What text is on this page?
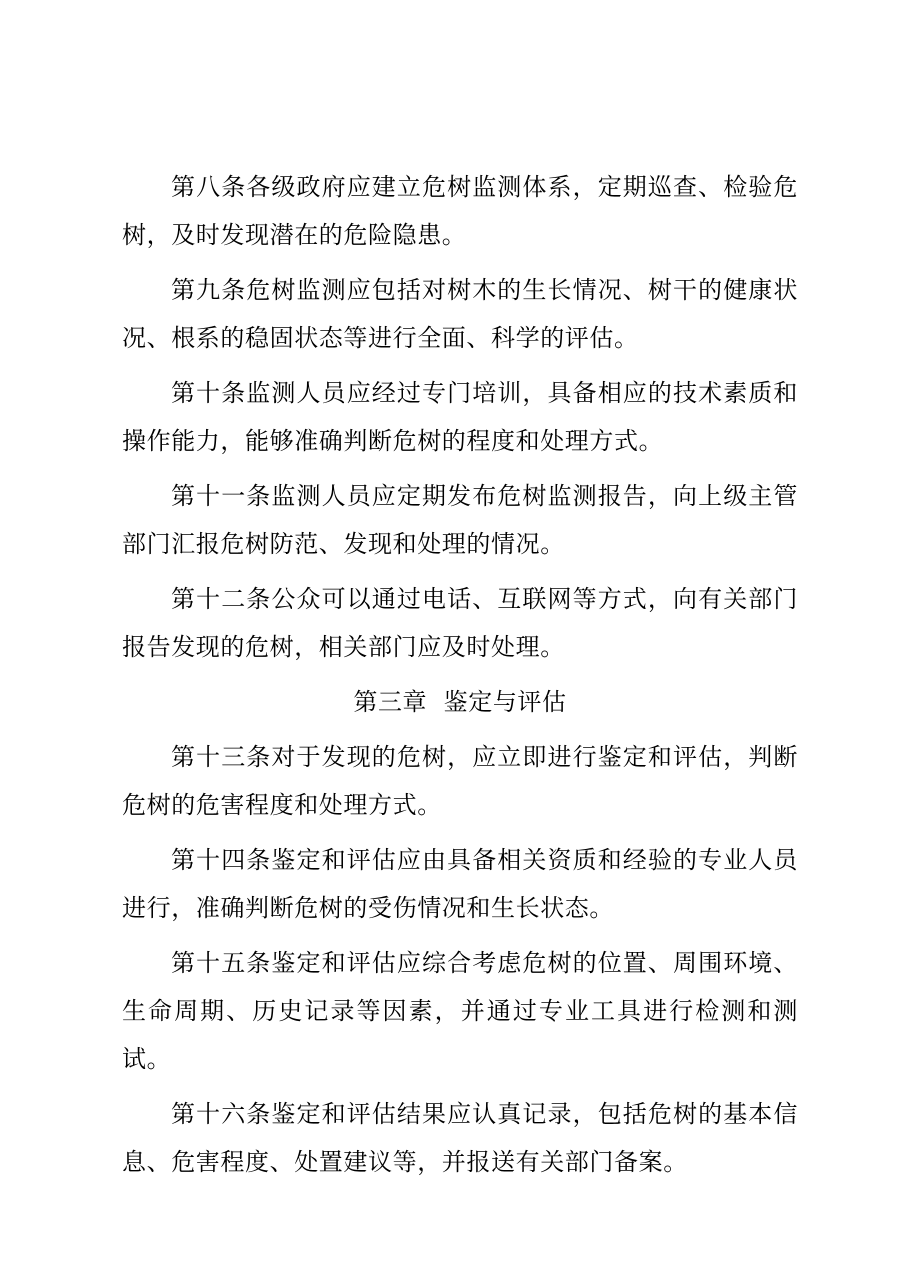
第八条各级政府应建立危树监测体系，定期巡查、检验危树，及时发现潜在的危险隐患。

第九条危树监测应包括对树木的生长情况、树干的健康状况、根系的稳固状态等进行全面、科学的评估。

第十条监测人员应经过专门培训，具备相应的技术素质和操作能力，能够准确判断危树的程度和处理方式。

第十一条监测人员应定期发布危树监测报告，向上级主管部门汇报危树防范、发现和处理的情况。

第十二条公众可以通过电话、互联网等方式，向有关部门报告发现的危树，相关部门应及时处理。

第三章  鉴定与评估

第十三条对于发现的危树，应立即进行鉴定和评估，判断危树的危害程度和处理方式。

第十四条鉴定和评估应由具备相关资质和经验的专业人员进行，准确判断危树的受伤情况和生长状态。

第十五条鉴定和评估应综合考虑危树的位置、周围环境、生命周期、历史记录等因素，并通过专业工具进行检测和测试。

第十六条鉴定和评估结果应认真记录，包括危树的基本信息、危害程度、处置建议等，并报送有关部门备案。
